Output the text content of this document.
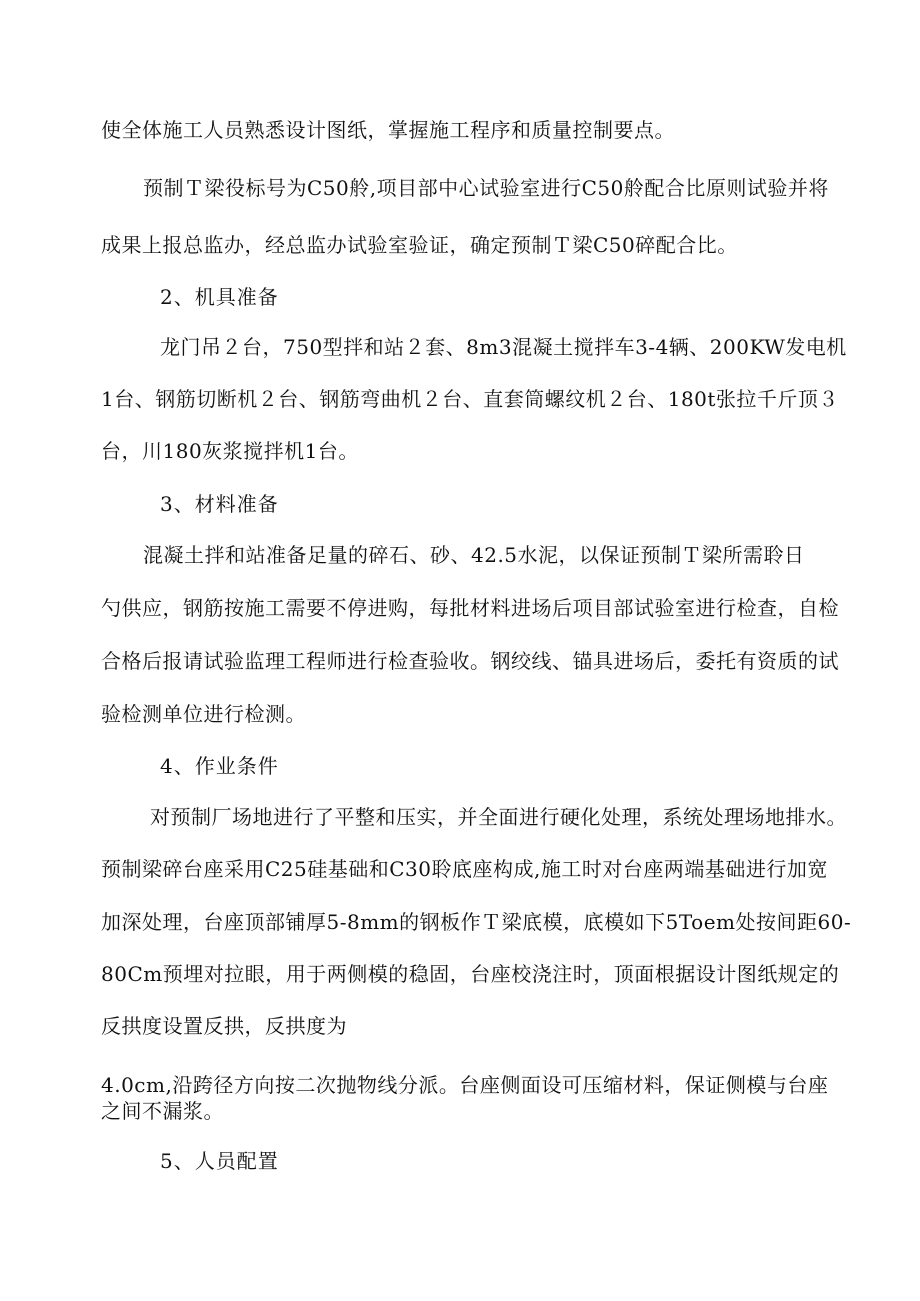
使全体施工人员熟悉设计图纸，掌握施工程序和质量控制要点。
预制Ｔ梁役标号为C50舲,项目部中心试验室进行C50舲配合比原则试验并将
成果上报总监办，经总监办试验室验证，确定预制Ｔ梁C50碎配合比。
2、机具准备
龙门吊２台，750型拌和站２套、8m3混凝土搅拌车3-4辆、200KW发电机
1台、钢筋切断机２台、钢筋弯曲机２台、直套筒螺纹机２台、180t张拉千斤顶３
台，川180灰浆搅拌机1台。
3、材料准备
混凝土拌和站准备足量的碎石、砂、42.5水泥，以保证预制Ｔ梁所需聆日
勺供应，钢筋按施工需要不停进购，每批材料进场后项目部试验室进行检查，自检
合格后报请试验监理工程师进行检查验收。钢绞线、锚具进场后，委托有资质的试
验检测单位进行检测。
4、作业条件
对预制厂场地进行了平整和压实，并全面进行硬化处理，系统处理场地排水。
预制梁碎台座采用C25硅基础和C30聆底座构成,施工时对台座两端基础进行加宽
加深处理，台座顶部铺厚5-8mm的钢板作Ｔ梁底模，底模如下5Toem处按间距60-
80Cm预埋对拉眼，用于两侧模的稳固，台座校浇注时，顶面根据设计图纸规定的
反拱度设置反拱，反拱度为
4.0cm,沿跨径方向按二次抛物线分派。台座侧面设可压缩材料，保证侧模与台座
之间不漏浆。
5、人员配置
